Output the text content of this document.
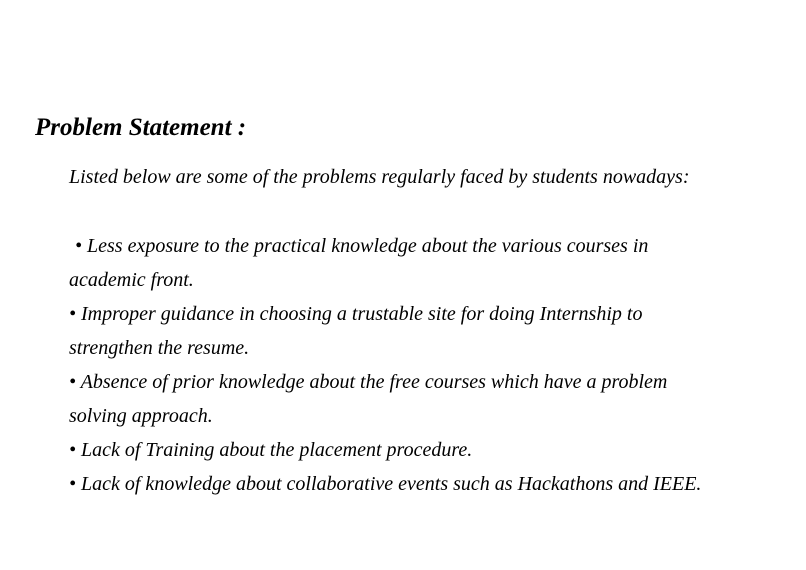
Problem Statement :
Listed below are some of the problems regularly faced by students nowadays:
• Less exposure to the practical knowledge about the various courses in
academic front.
• Improper guidance in choosing a trustable site for doing Internship to
strengthen the resume.
• Absence of prior knowledge about the free courses which have a problem
solving approach.
• Lack of Training about the placement procedure.
• Lack of knowledge about collaborative events such as Hackathons and IEEE.
